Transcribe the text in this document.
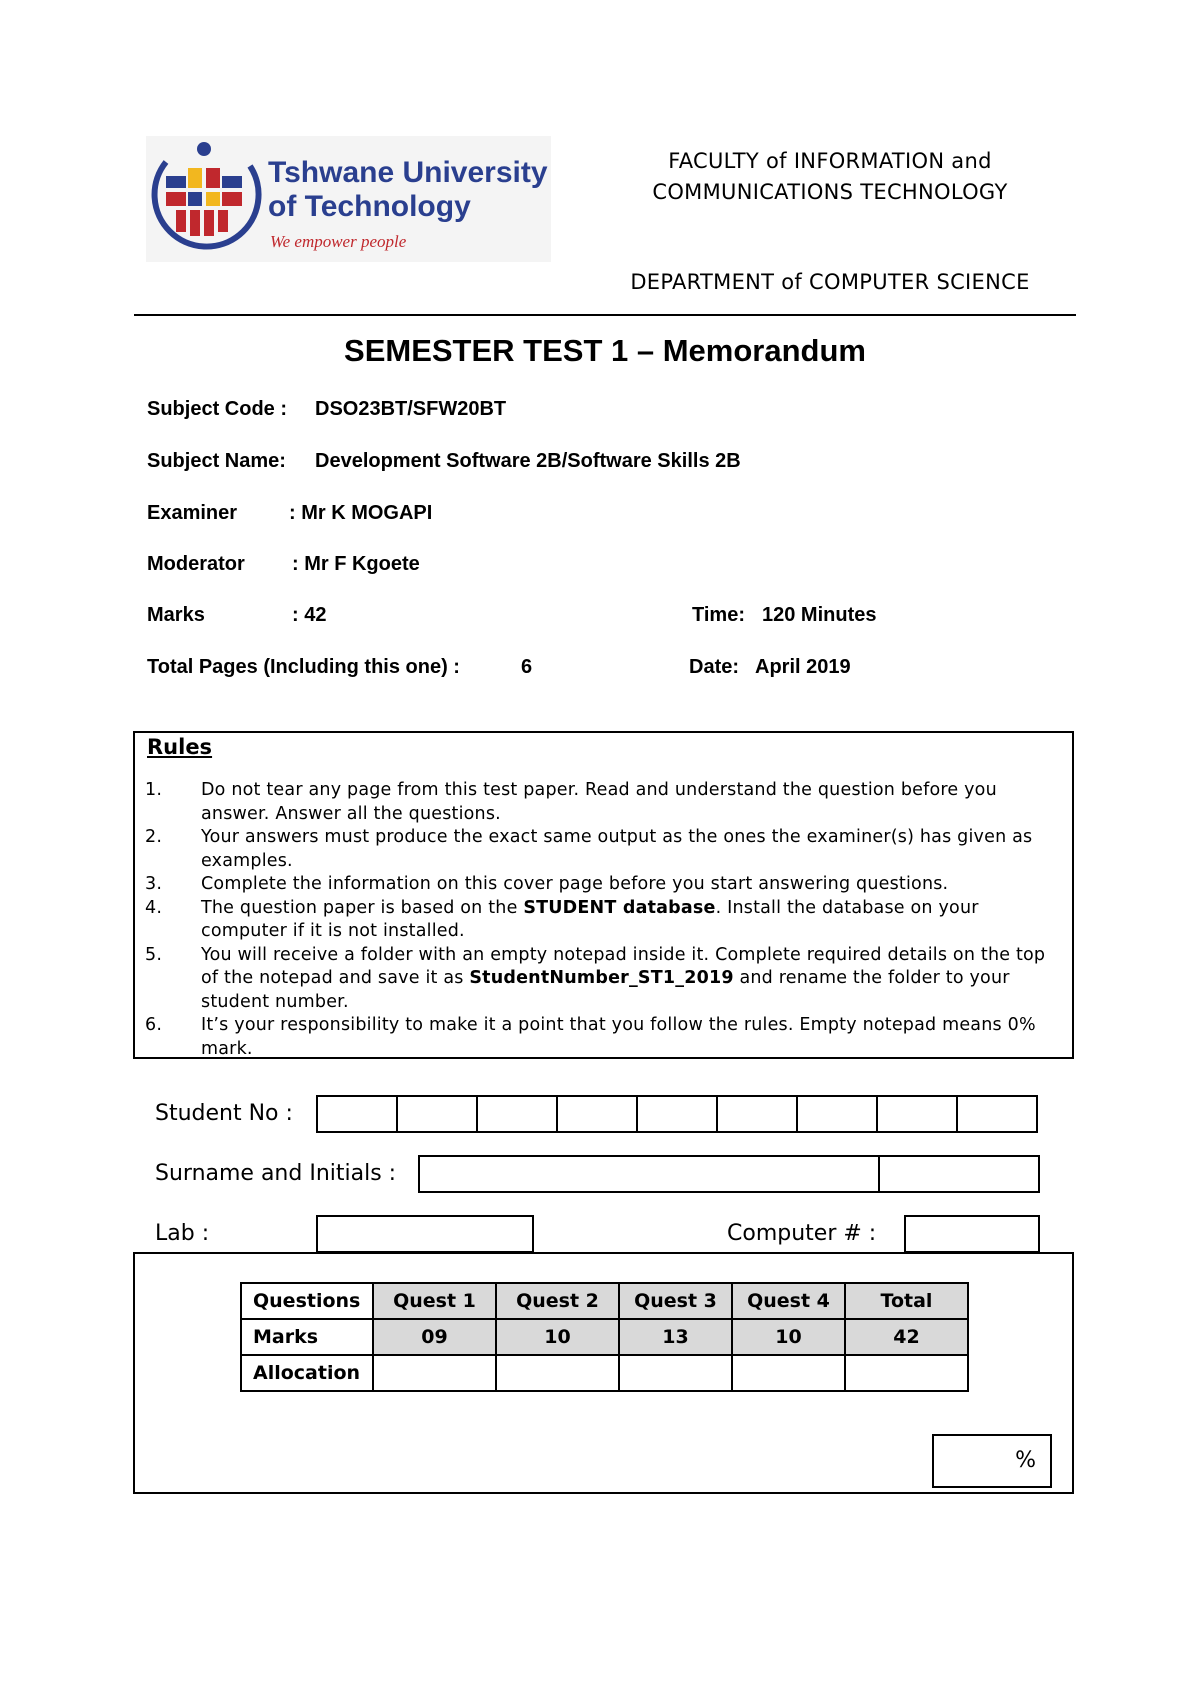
Tshwane University
of Technology
We empower people
FACULTY of INFORMATION and
COMMUNICATIONS TECHNOLOGY
DEPARTMENT of COMPUTER SCIENCE
SEMESTER TEST 1 – Memorandum
Subject Code : DSO23BT/SFW20BT
Subject Name: Development Software 2B/Software Skills 2B
Examiner	: Mr K MOGAPI
Moderator : Mr F Kgoete
Marks	: 42	Time: 120 Minutes
Total Pages (Including this one) :	6	Date: April 2019
Rules
1. Do not tear any page from this test paper. Read and understand the question before you answer. Answer all the questions.
2. Your answers must produce the exact same output as the ones the examiner(s) has given as examples.
3. Complete the information on this cover page before you start answering questions.
4. The question paper is based on the STUDENT database. Install the database on your computer if it is not installed.
5. You will receive a folder with an empty notepad inside it. Complete required details on the top of the notepad and save it as StudentNumber_ST1_2019 and rename the folder to your student number.
6. It’s your responsibility to make it a point that you follow the rules. Empty notepad means 0% mark.
Student No :
Surname and Initials :
Lab :	Computer # :
Questions	Quest 1	Quest 2	Quest 3	Quest 4	Total
Marks	09	10	13	10	42
Allocation					
%
